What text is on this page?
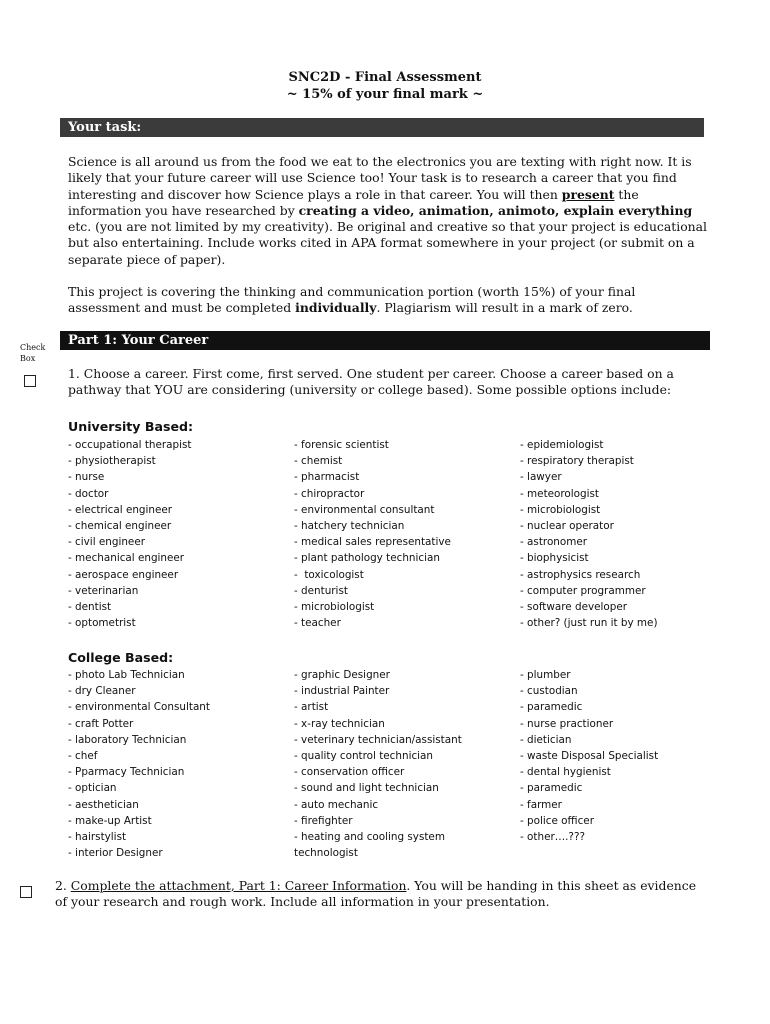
SNC2D - Final Assessment
~ 15% of your final mark ~
Your task:
Science is all around us from the food we eat to the electronics you are texting with right now. It is likely that your future career will use Science too! Your task is to research a career that you find interesting and discover how Science plays a role in that career. You will then present the information you have researched by creating a video, animation, animoto, explain everything etc. (you are not limited by my creativity). Be original and creative so that your project is educational but also entertaining. Include works cited in APA format somewhere in your project (or submit on a separate piece of paper).
This project is covering the thinking and communication portion (worth 15%) of your final assessment and must be completed individually. Plagiarism will result in a mark of zero.
Check
Box
Part 1: Your Career
1. Choose a career. First come, first served. One student per career. Choose a career based on a pathway that YOU are considering (university or college based). Some possible options include:
University Based:
- occupational therapist
- physiotherapist
- nurse
- doctor
- electrical engineer
- chemical engineer
- civil engineer
- mechanical engineer
- aerospace engineer
- veterinarian
- dentist
- optometrist
- forensic scientist
- chemist
- pharmacist
- chiropractor
- environmental consultant
- hatchery technician
- medical sales representative
- plant pathology technician
-  toxicologist
- denturist
- microbiologist
- teacher
- epidemiologist
- respiratory therapist
- lawyer
- meteorologist
- microbiologist
- nuclear operator
- astronomer
- biophysicist
- astrophysics research
- computer programmer
- software developer
- other? (just run it by me)
College Based:
- photo Lab Technician
- dry Cleaner
- environmental Consultant
- craft Potter
- laboratory Technician
- chef
- Pparmacy Technician
- optician
- aesthetician
- make-up Artist
- hairstylist
- interior Designer
- graphic Designer
- industrial Painter
- artist
- x-ray technician
- veterinary technician/assistant
- quality control technician
- conservation officer
- sound and light technician
- auto mechanic
- firefighter
- heating and cooling system
technologist
- plumber
- custodian
- paramedic
- nurse practioner
- dietician
- waste Disposal Specialist
- dental hygienist
- paramedic
- farmer
- police officer
- other….???
2. Complete the attachment, Part 1: Career Information. You will be handing in this sheet as evidence of your research and rough work. Include all information in your presentation.
